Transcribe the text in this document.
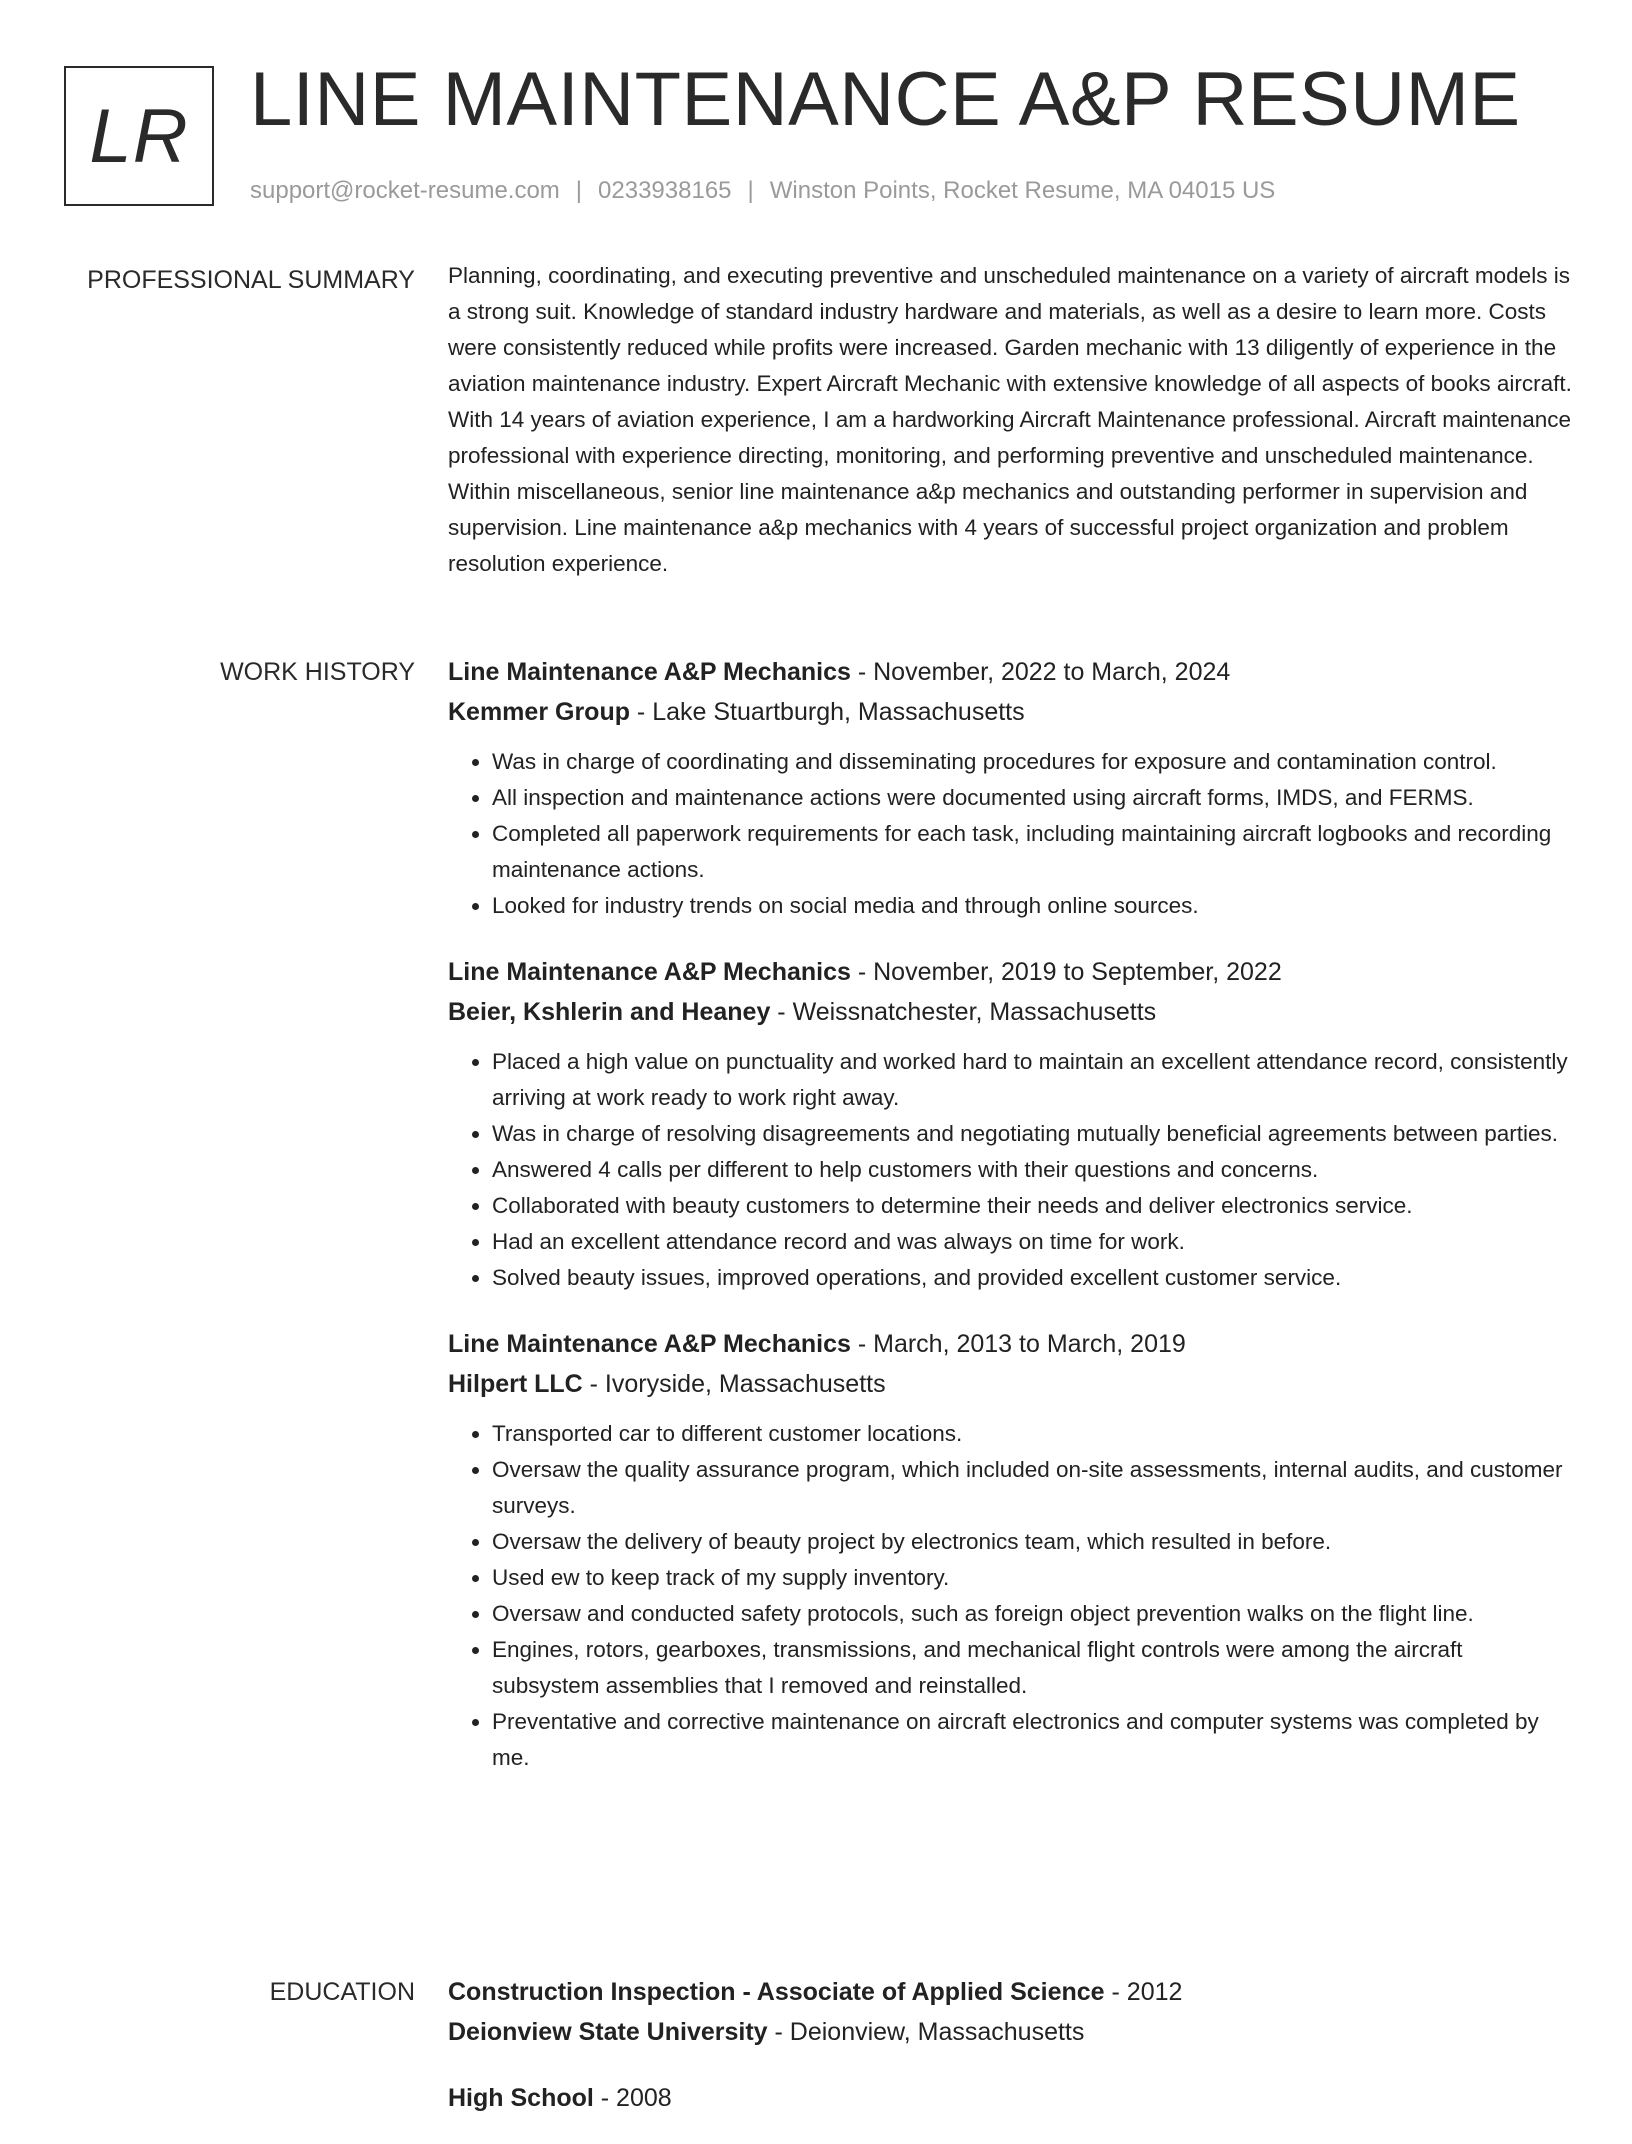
LR LINE MAINTENANCE A&P RESUME
support@rocket-resume.com | 0233938165 | Winston Points, Rocket Resume, MA 04015 US
PROFESSIONAL SUMMARY Planning, coordinating, and executing preventive and unscheduled maintenance on a variety of aircraft models is a strong suit. Knowledge of standard industry hardware and materials, as well as a desire to learn more. Costs were consistently reduced while profits were increased. Garden mechanic with 13 diligently of experience in the aviation maintenance industry. Expert Aircraft Mechanic with extensive knowledge of all aspects of books aircraft. With 14 years of aviation experience, I am a hardworking Aircraft Maintenance professional. Aircraft maintenance professional with experience directing, monitoring, and performing preventive and unscheduled maintenance. Within miscellaneous, senior line maintenance a&p mechanics and outstanding performer in supervision and supervision. Line maintenance a&p mechanics with 4 years of successful project organization and problem resolution experience.

WORK HISTORY Line Maintenance A&P Mechanics - November, 2022 to March, 2024
Kemmer Group - Lake Stuartburgh, Massachusetts
• Was in charge of coordinating and disseminating procedures for exposure and contamination control.
• All inspection and maintenance actions were documented using aircraft forms, IMDS, and FERMS.
• Completed all paperwork requirements for each task, including maintaining aircraft logbooks and recording maintenance actions.
• Looked for industry trends on social media and through online sources.
Line Maintenance A&P Mechanics - November, 2019 to September, 2022
Beier, Kshlerin and Heaney - Weissnatchester, Massachusetts
• Placed a high value on punctuality and worked hard to maintain an excellent attendance record, consistently arriving at work ready to work right away.
• Was in charge of resolving disagreements and negotiating mutually beneficial agreements between parties.
• Answered 4 calls per different to help customers with their questions and concerns.
• Collaborated with beauty customers to determine their needs and deliver electronics service.
• Had an excellent attendance record and was always on time for work.
• Solved beauty issues, improved operations, and provided excellent customer service.
Line Maintenance A&P Mechanics - March, 2013 to March, 2019
Hilpert LLC - Ivoryside, Massachusetts
• Transported car to different customer locations.
• Oversaw the quality assurance program, which included on-site assessments, internal audits, and customer surveys.
• Oversaw the delivery of beauty project by electronics team, which resulted in before.
• Used ew to keep track of my supply inventory.
• Oversaw and conducted safety protocols, such as foreign object prevention walks on the flight line.
• Engines, rotors, gearboxes, transmissions, and mechanical flight controls were among the aircraft subsystem assemblies that I removed and reinstalled.
• Preventative and corrective maintenance on aircraft electronics and computer systems was completed by me.
EDUCATION Construction Inspection - Associate of Applied Science - 2012
Deionview State University - Deionview, Massachusetts
High School - 2008
